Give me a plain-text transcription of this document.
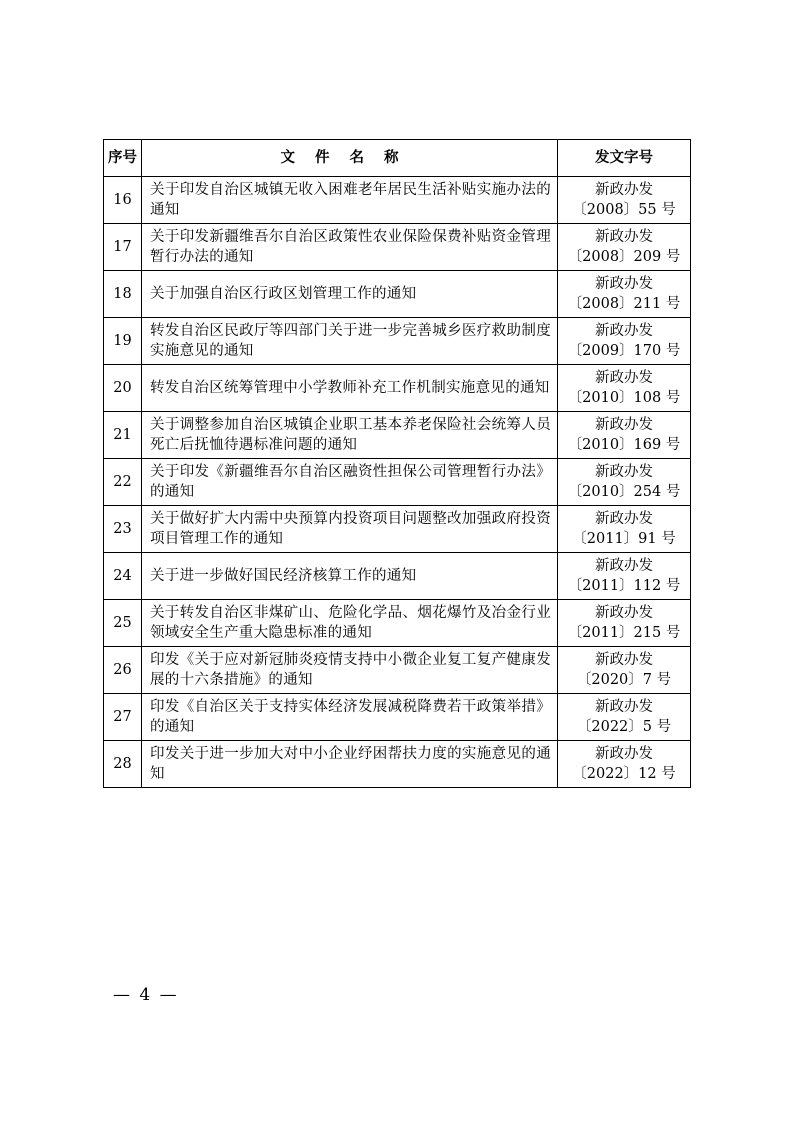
序号	文件名称	发文字号
16	关于印发自治区城镇无收入困难老年居民生活补贴实施办法的通知	新政办发
〔2008〕55 号

17	关于印发新疆维吾尔自治区政策性农业保险保费补贴资金管理暂行办法的通知	新政办发
〔2008〕209 号

18	关于加强自治区行政区划管理工作的通知	新政办发
〔2008〕211 号

19	转发自治区民政厅等四部门关于进一步完善城乡医疗救助制度实施意见的通知	新政办发
〔2009〕170 号

20	转发自治区统筹管理中小学教师补充工作机制实施意见的通知	新政办发
〔2010〕108 号

21	关于调整参加自治区城镇企业职工基本养老保险社会统筹人员死亡后抚恤待遇标准问题的通知	新政办发
〔2010〕169 号

22	关于印发《新疆维吾尔自治区融资性担保公司管理暂行办法》的通知	新政办发
〔2010〕254 号

23	关于做好扩大内需中央预算内投资项目问题整改加强政府投资项目管理工作的通知	新政办发
〔2011〕91 号

24	关于进一步做好国民经济核算工作的通知	新政办发
〔2011〕112 号

25	关于转发自治区非煤矿山、危险化学品、烟花爆竹及冶金行业领域安全生产重大隐患标准的通知	新政办发
〔2011〕215 号

26	印发《关于应对新冠肺炎疫情支持中小微企业复工复产健康发展的十六条措施》的通知	新政办发
〔2020〕7 号

27	印发《自治区关于支持实体经济发展减税降费若干政策举措》的通知	新政办发
〔2022〕5 号

28	印发关于进一步加大对中小企业纾困帮扶力度的实施意见的通知	新政办发
〔2022〕12 号
— 4 —
